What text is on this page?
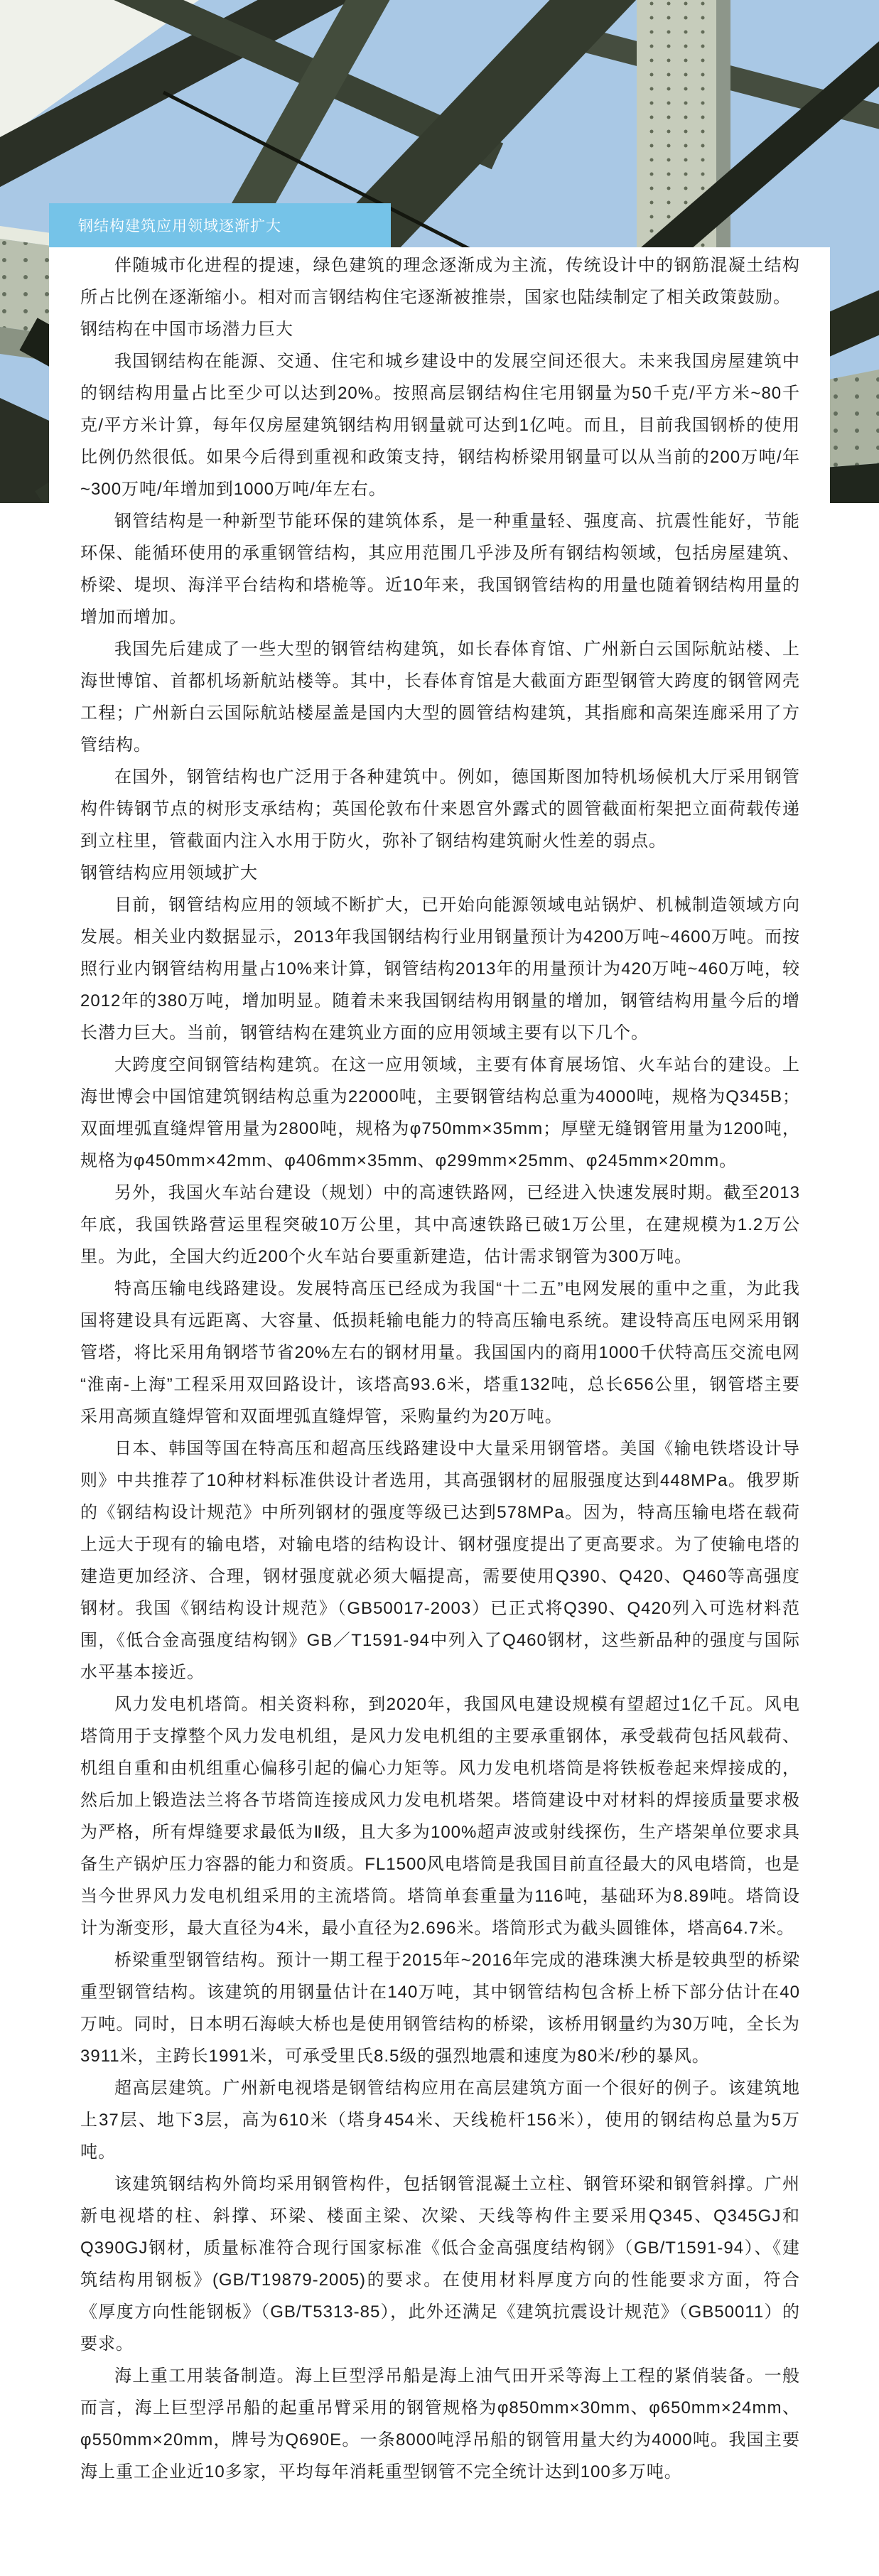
钢结构建筑应用领域逐渐扩大

伴随城市化进程的提速，绿色建筑的理念逐渐成为主流，传统设计中的钢筋混凝土结构所占比例在逐渐缩小。相对而言钢结构住宅逐渐被推崇，国家也陆续制定了相关政策鼓励。

钢结构在中国市场潜力巨大

我国钢结构在能源、交通、住宅和城乡建设中的发展空间还很大。未来我国房屋建筑中的钢结构用量占比至少可以达到20%。按照高层钢结构住宅用钢量为50千克/平方米~80千克/平方米计算，每年仅房屋建筑钢结构用钢量就可达到1亿吨。而且，目前我国钢桥的使用比例仍然很低。如果今后得到重视和政策支持，钢结构桥梁用钢量可以从当前的200万吨/年~300万吨/年增加到1000万吨/年左右。

钢管结构是一种新型节能环保的建筑体系，是一种重量轻、强度高、抗震性能好，节能环保、能循环使用的承重钢管结构，其应用范围几乎涉及所有钢结构领域，包括房屋建筑、桥梁、堤坝、海洋平台结构和塔桅等。近10年来，我国钢管结构的用量也随着钢结构用量的增加而增加。

我国先后建成了一些大型的钢管结构建筑，如长春体育馆、广州新白云国际航站楼、上海世博馆、首都机场新航站楼等。其中，长春体育馆是大截面方距型钢管大跨度的钢管网壳工程；广州新白云国际航站楼屋盖是国内大型的圆管结构建筑，其指廊和高架连廊采用了方管结构。

在国外，钢管结构也广泛用于各种建筑中。例如，德国斯图加特机场候机大厅采用钢管构件铸钢节点的树形支承结构；英国伦敦布什来恩宫外露式的圆管截面桁架把立面荷载传递到立柱里，管截面内注入水用于防火，弥补了钢结构建筑耐火性差的弱点。

钢管结构应用领域扩大

目前，钢管结构应用的领域不断扩大，已开始向能源领域电站锅炉、机械制造领域方向发展。相关业内数据显示，2013年我国钢结构行业用钢量预计为4200万吨~4600万吨。而按照行业内钢管结构用量占10%来计算，钢管结构2013年的用量预计为420万吨~460万吨，较2012年的380万吨，增加明显。随着未来我国钢结构用钢量的增加，钢管结构用量今后的增长潜力巨大。当前，钢管结构在建筑业方面的应用领域主要有以下几个。

大跨度空间钢管结构建筑。在这一应用领域，主要有体育展场馆、火车站台的建设。上海世博会中国馆建筑钢结构总重为22000吨，主要钢管结构总重为4000吨，规格为Q345B；双面埋弧直缝焊管用量为2800吨，规格为φ750mm×35mm；厚壁无缝钢管用量为1200吨，规格为φ450mm×42mm、φ406mm×35mm、φ299mm×25mm、φ245mm×20mm。

另外，我国火车站台建设（规划）中的高速铁路网，已经进入快速发展时期。截至2013年底，我国铁路营运里程突破10万公里，其中高速铁路已破1万公里，在建规模为1.2万公里。为此，全国大约近200个火车站台要重新建造，估计需求钢管为300万吨。

特高压输电线路建设。发展特高压已经成为我国“十二五”电网发展的重中之重，为此我国将建设具有远距离、大容量、低损耗输电能力的特高压输电系统。建设特高压电网采用钢管塔，将比采用角钢塔节省20%左右的钢材用量。我国国内的商用1000千伏特高压交流电网“淮南-上海”工程采用双回路设计，该塔高93.6米，塔重132吨，总长656公里，钢管塔主要采用高频直缝焊管和双面埋弧直缝焊管，采购量约为20万吨。

日本、韩国等国在特高压和超高压线路建设中大量采用钢管塔。美国《输电铁塔设计导则》中共推荐了10种材料标准供设计者选用，其高强钢材的屈服强度达到448MPa。俄罗斯的《钢结构设计规范》中所列钢材的强度等级已达到578MPa。因为，特高压输电塔在载荷上远大于现有的输电塔，对输电塔的结构设计、钢材强度提出了更高要求。为了使输电塔的建造更加经济、合理，钢材强度就必须大幅提高，需要使用Q390、Q420、Q460等高强度钢材。我国《钢结构设计规范》（GB50017-2003）已正式将Q390、Q420列入可选材料范围，《低合金高强度结构钢》GB／T1591-94中列入了Q460钢材，这些新品种的强度与国际水平基本接近。

风力发电机塔筒。相关资料称，到2020年，我国风电建设规模有望超过1亿千瓦。风电塔筒用于支撑整个风力发电机组，是风力发电机组的主要承重钢体，承受载荷包括风载荷、机组自重和由机组重心偏移引起的偏心力矩等。风力发电机塔筒是将铁板卷起来焊接成的，然后加上锻造法兰将各节塔筒连接成风力发电机塔架。塔筒建设中对材料的焊接质量要求极为严格，所有焊缝要求最低为Ⅱ级，且大多为100%超声波或射线探伤，生产塔架单位要求具备生产锅炉压力容器的能力和资质。FL1500风电塔筒是我国目前直径最大的风电塔筒，也是当今世界风力发电机组采用的主流塔筒。塔筒单套重量为116吨，基础环为8.89吨。塔筒设计为渐变形，最大直径为4米，最小直径为2.696米。塔筒形式为截头圆锥体，塔高64.7米。

桥梁重型钢管结构。预计一期工程于2015年~2016年完成的港珠澳大桥是较典型的桥梁重型钢管结构。该建筑的用钢量估计在140万吨，其中钢管结构包含桥上桥下部分估计在40万吨。同时，日本明石海峡大桥也是使用钢管结构的桥梁，该桥用钢量约为30万吨，全长为3911米，主跨长1991米，可承受里氏8.5级的强烈地震和速度为80米/秒的暴风。

超高层建筑。广州新电视塔是钢管结构应用在高层建筑方面一个很好的例子。该建筑地上37层、地下3层，高为610米（塔身454米、天线桅杆156米），使用的钢结构总量为5万吨。

该建筑钢结构外筒均采用钢管构件，包括钢管混凝土立柱、钢管环梁和钢管斜撑。广州新电视塔的柱、斜撑、环梁、楼面主梁、次梁、天线等构件主要采用Q345、Q345GJ和Q390GJ钢材，质量标准符合现行国家标准《低合金高强度结构钢》（GB/T1591-94）、《建筑结构用钢板》(GB/T19879-2005)的要求。在使用材料厚度方向的性能要求方面，符合《厚度方向性能钢板》（GB/T5313-85），此外还满足《建筑抗震设计规范》（GB50011）的要求。

海上重工用装备制造。海上巨型浮吊船是海上油气田开采等海上工程的紧俏装备。一般而言，海上巨型浮吊船的起重吊臂采用的钢管规格为φ850mm×30mm、φ650mm×24mm、φ550mm×20mm，牌号为Q690E。一条8000吨浮吊船的钢管用量大约为4000吨。我国主要海上重工企业近10多家，平均每年消耗重型钢管不完全统计达到100多万吨。
